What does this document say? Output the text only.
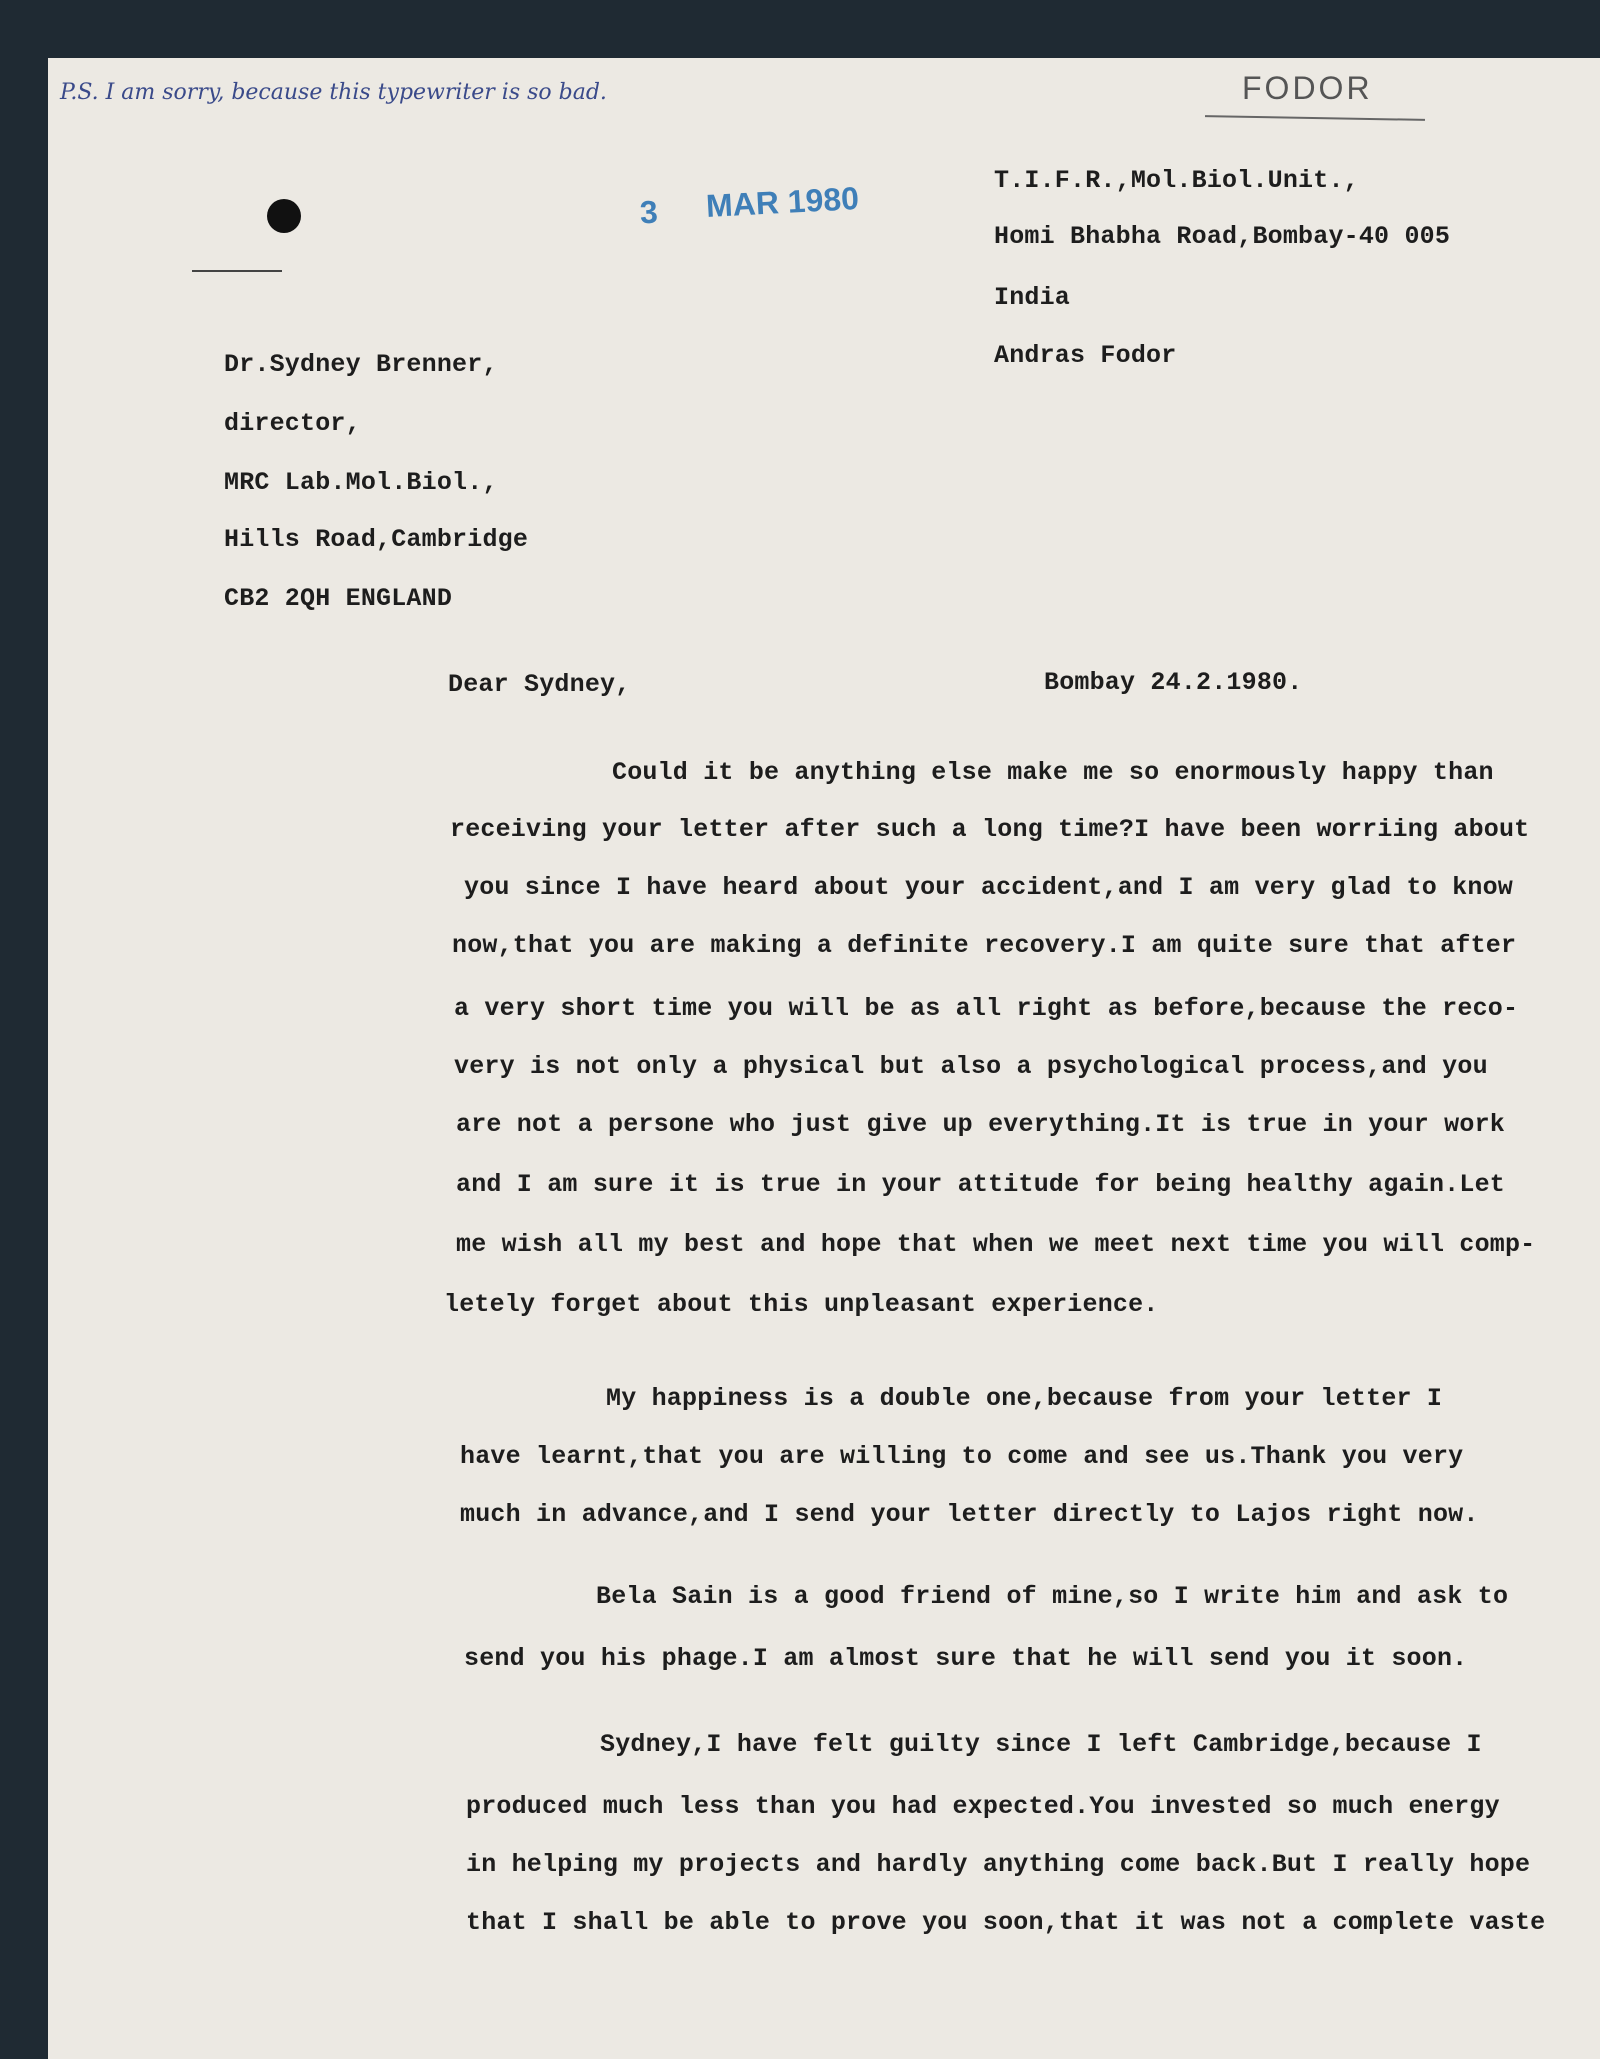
P.S. I am sorry, because this typewriter is so bad.	FODOR
3 MAR 1980	T.I.F.R.,Mol.Biol.Unit.,
Homi Bhabha Road,Bombay-40 005
India
Andras Fodor
Dr.Sydney Brenner,
director,
MRC Lab.Mol.Biol.,
Hills Road,Cambridge
CB2 2QH ENGLAND
Dear Sydney,	Bombay 24.2.1980.
Could it be anything else make me so enormously happy than
receiving your letter after such a long time?I have been worriing about
you since I have heard about your accident,and I am very glad to know
now,that you are making a definite recovery.I am quite sure that after
a very short time you will be as all right as before,because the reco-
very is not only a physical but also a psychological process,and you
are not a persone who just give up everything.It is true in your work
and I am sure it is true in your attitude for being healthy again.Let
me wish all my best and hope that when we meet next time you will comp-
letely forget about this unpleasant experience.
My happiness is a double one,because from your letter I
have learnt,that you are willing to come and see us.Thank you very
much in advance,and I send your letter directly to Lajos right now.
Bela Sain is a good friend of mine,so I write him and ask to
send you his phage.I am almost sure that he will send you it soon.
Sydney,I have felt guilty since I left Cambridge,because I
produced much less than you had expected.You invested so much energy
in helping my projects and hardly anything come back.But I really hope
that I shall be able to prove you soon,that it was not a complete vaste
